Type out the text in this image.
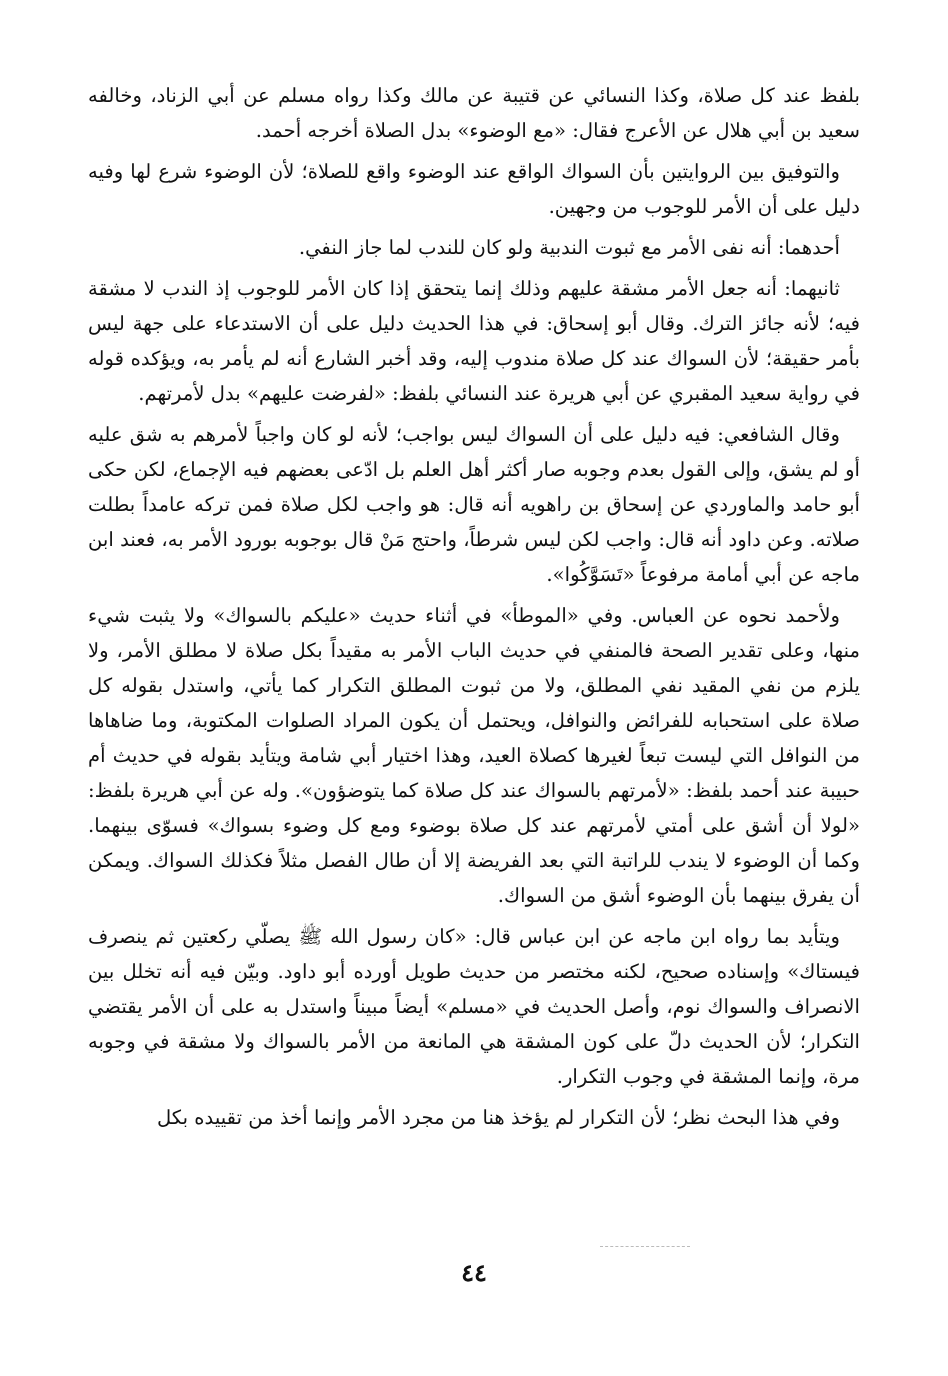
بلفظ عند كل صلاة، وكذا النسائي عن قتيبة عن مالك وكذا رواه مسلم عن أبي الزناد، وخالفه سعيد بن أبي هلال عن الأعرج فقال: «مع الوضوء» بدل الصلاة أخرجه أحمد.

والتوفيق بين الروايتين بأن السواك الواقع عند الوضوء واقع للصلاة؛ لأن الوضوء شرع لها وفيه دليل على أن الأمر للوجوب من وجهين.

أحدهما: أنه نفى الأمر مع ثبوت الندبية ولو كان للندب لما جاز النفي.

ثانيهما: أنه جعل الأمر مشقة عليهم وذلك إنما يتحقق إذا كان الأمر للوجوب إذ الندب لا مشقة فيه؛ لأنه جائز الترك. وقال أبو إسحاق: في هذا الحديث دليل على أن الاستدعاء على جهة ليس بأمر حقيقة؛ لأن السواك عند كل صلاة مندوب إليه، وقد أخبر الشارع أنه لم يأمر به، ويؤكده قوله في رواية سعيد المقبري عن أبي هريرة عند النسائي بلفظ: «لفرضت عليهم» بدل لأمرتهم.

وقال الشافعي: فيه دليل على أن السواك ليس بواجب؛ لأنه لو كان واجباً لأمرهم به شق عليه أو لم يشق، وإلى القول بعدم وجوبه صار أكثر أهل العلم بل ادّعى بعضهم فيه الإجماع، لكن حكى أبو حامد والماوردي عن إسحاق بن راهويه أنه قال: هو واجب لكل صلاة فمن تركه عامداً بطلت صلاته. وعن داود أنه قال: واجب لكن ليس شرطاً، واحتج مَنْ قال بوجوبه بورود الأمر به، فعند ابن ماجه عن أبي أمامة مرفوعاً «تَسَوَّكُوا».

ولأحمد نحوه عن العباس. وفي «الموطأ» في أثناء حديث «عليكم بالسواك» ولا يثبت شيء منها، وعلى تقدير الصحة فالمنفي في حديث الباب الأمر به مقيداً بكل صلاة لا مطلق الأمر، ولا يلزم من نفي المقيد نفي المطلق، ولا من ثبوت المطلق التكرار كما يأتي، واستدل بقوله كل صلاة على استحبابه للفرائض والنوافل، ويحتمل أن يكون المراد الصلوات المكتوبة، وما ضاهاها من النوافل التي ليست تبعاً لغيرها كصلاة العيد، وهذا اختيار أبي شامة ويتأيد بقوله في حديث أم حبيبة عند أحمد بلفظ: «لأمرتهم بالسواك عند كل صلاة كما يتوضؤون». وله عن أبي هريرة بلفظ: «لولا أن أشق على أمتي لأمرتهم عند كل صلاة بوضوء ومع كل وضوء بسواك» فسوّى بينهما. وكما أن الوضوء لا يندب للراتبة التي بعد الفريضة إلا أن طال الفصل مثلاً فكذلك السواك. ويمكن أن يفرق بينهما بأن الوضوء أشق من السواك.

ويتأيد بما رواه ابن ماجه عن ابن عباس قال: «كان رسول الله ﷺ يصلّي ركعتين ثم ينصرف فيستاك» وإسناده صحيح، لكنه مختصر من حديث طويل أورده أبو داود. وبيّن فيه أنه تخلل بين الانصراف والسواك نوم، وأصل الحديث في «مسلم» أيضاً مبيناً واستدل به على أن الأمر يقتضي التكرار؛ لأن الحديث دلّ على كون المشقة هي المانعة من الأمر بالسواك ولا مشقة في وجوبه مرة، وإنما المشقة في وجوب التكرار.

وفي هذا البحث نظر؛ لأن التكرار لم يؤخذ هنا من مجرد الأمر وإنما أخذ من تقييده بكل

٤٤
